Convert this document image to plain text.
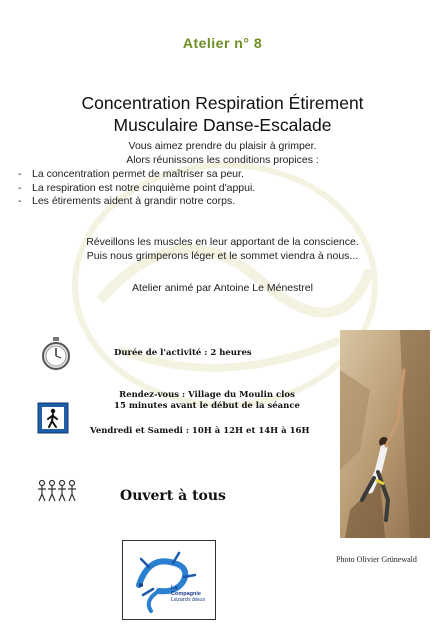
Atelier n° 8
Concentration Respiration Étirement
Musculaire Danse-Escalade
Vous aimez prendre du plaisir à grimper.
Alors réunissons les conditions propices :
- La concentration permet de maîtriser sa peur.
- La respiration est notre cinquième point d'appui.
- Les étirements aident à grandir notre corps.
Réveillons les muscles en leur apportant de la conscience.
Puis nous grimperons léger et le sommet viendra à nous...
Atelier animé par Antoine Le Ménestrel
Durée de l'activité : 2 heures
Rendez-vous : Village du Moulin clos
15 minutes avant le début de la séance
Vendredi et Samedi : 10H à 12H et 14H à 16H
Ouvert à tous
Photo Olivier Grünewald
La
Compagnie
Lézards bleus
